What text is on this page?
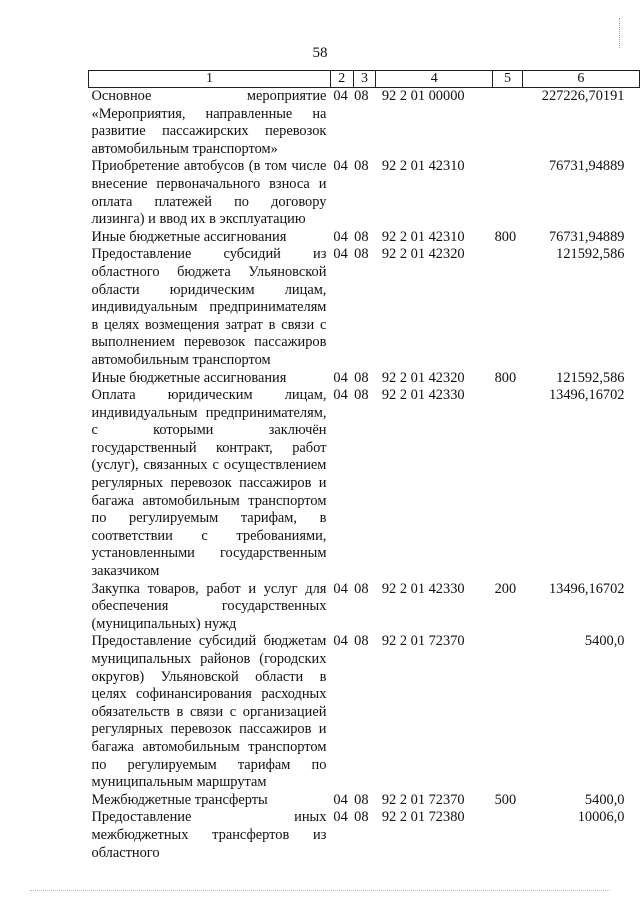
58
1	2	3	4	5	6
Основное мероприятие «Мероприятия, направленные на развитие пассажирских перевозок автомобильным транспортом»	04	08	92 2 01 00000		227226,70191
Приобретение автобусов (в том числе внесение первоначального взноса и оплата платежей по договору лизинга) и ввод их в эксплуатацию	04	08	92 2 01 42310		76731,94889
Иные бюджетные ассигнования	04	08	92 2 01 42310	800	76731,94889
Предоставление субсидий из областного бюджета Ульяновской области юридическим лицам, индивидуальным предпринимателям в целях возмещения затрат в связи с выполнением перевозок пассажиров автомобильным транспортом	04	08	92 2 01 42320		121592,586
Иные бюджетные ассигнования	04	08	92 2 01 42320	800	121592,586
Оплата юридическим лицам, индивидуальным предпринимателям, с которыми заключён государственный контракт, работ (услуг), связанных с осуществлением регулярных перевозок пассажиров и багажа автомобильным транспортом по регулируемым тарифам, в соответствии с требованиями, установленными государственным заказчиком	04	08	92 2 01 42330		13496,16702
Закупка товаров, работ и услуг для обеспечения государственных (муниципальных) нужд	04	08	92 2 01 42330	200	13496,16702
Предоставление субсидий бюджетам муниципальных районов (городских округов) Ульяновской области в целях софинансирования расходных обязательств в связи с организацией регулярных перевозок пассажиров и багажа автомобильным транспортом по регулируемым тарифам по муниципальным маршрутам	04	08	92 2 01 72370		5400,0
Межбюджетные трансферты	04	08	92 2 01 72370	500	5400,0
Предоставление иных межбюджетных трансфертов из областного	04	08	92 2 01 72380		10006,0
